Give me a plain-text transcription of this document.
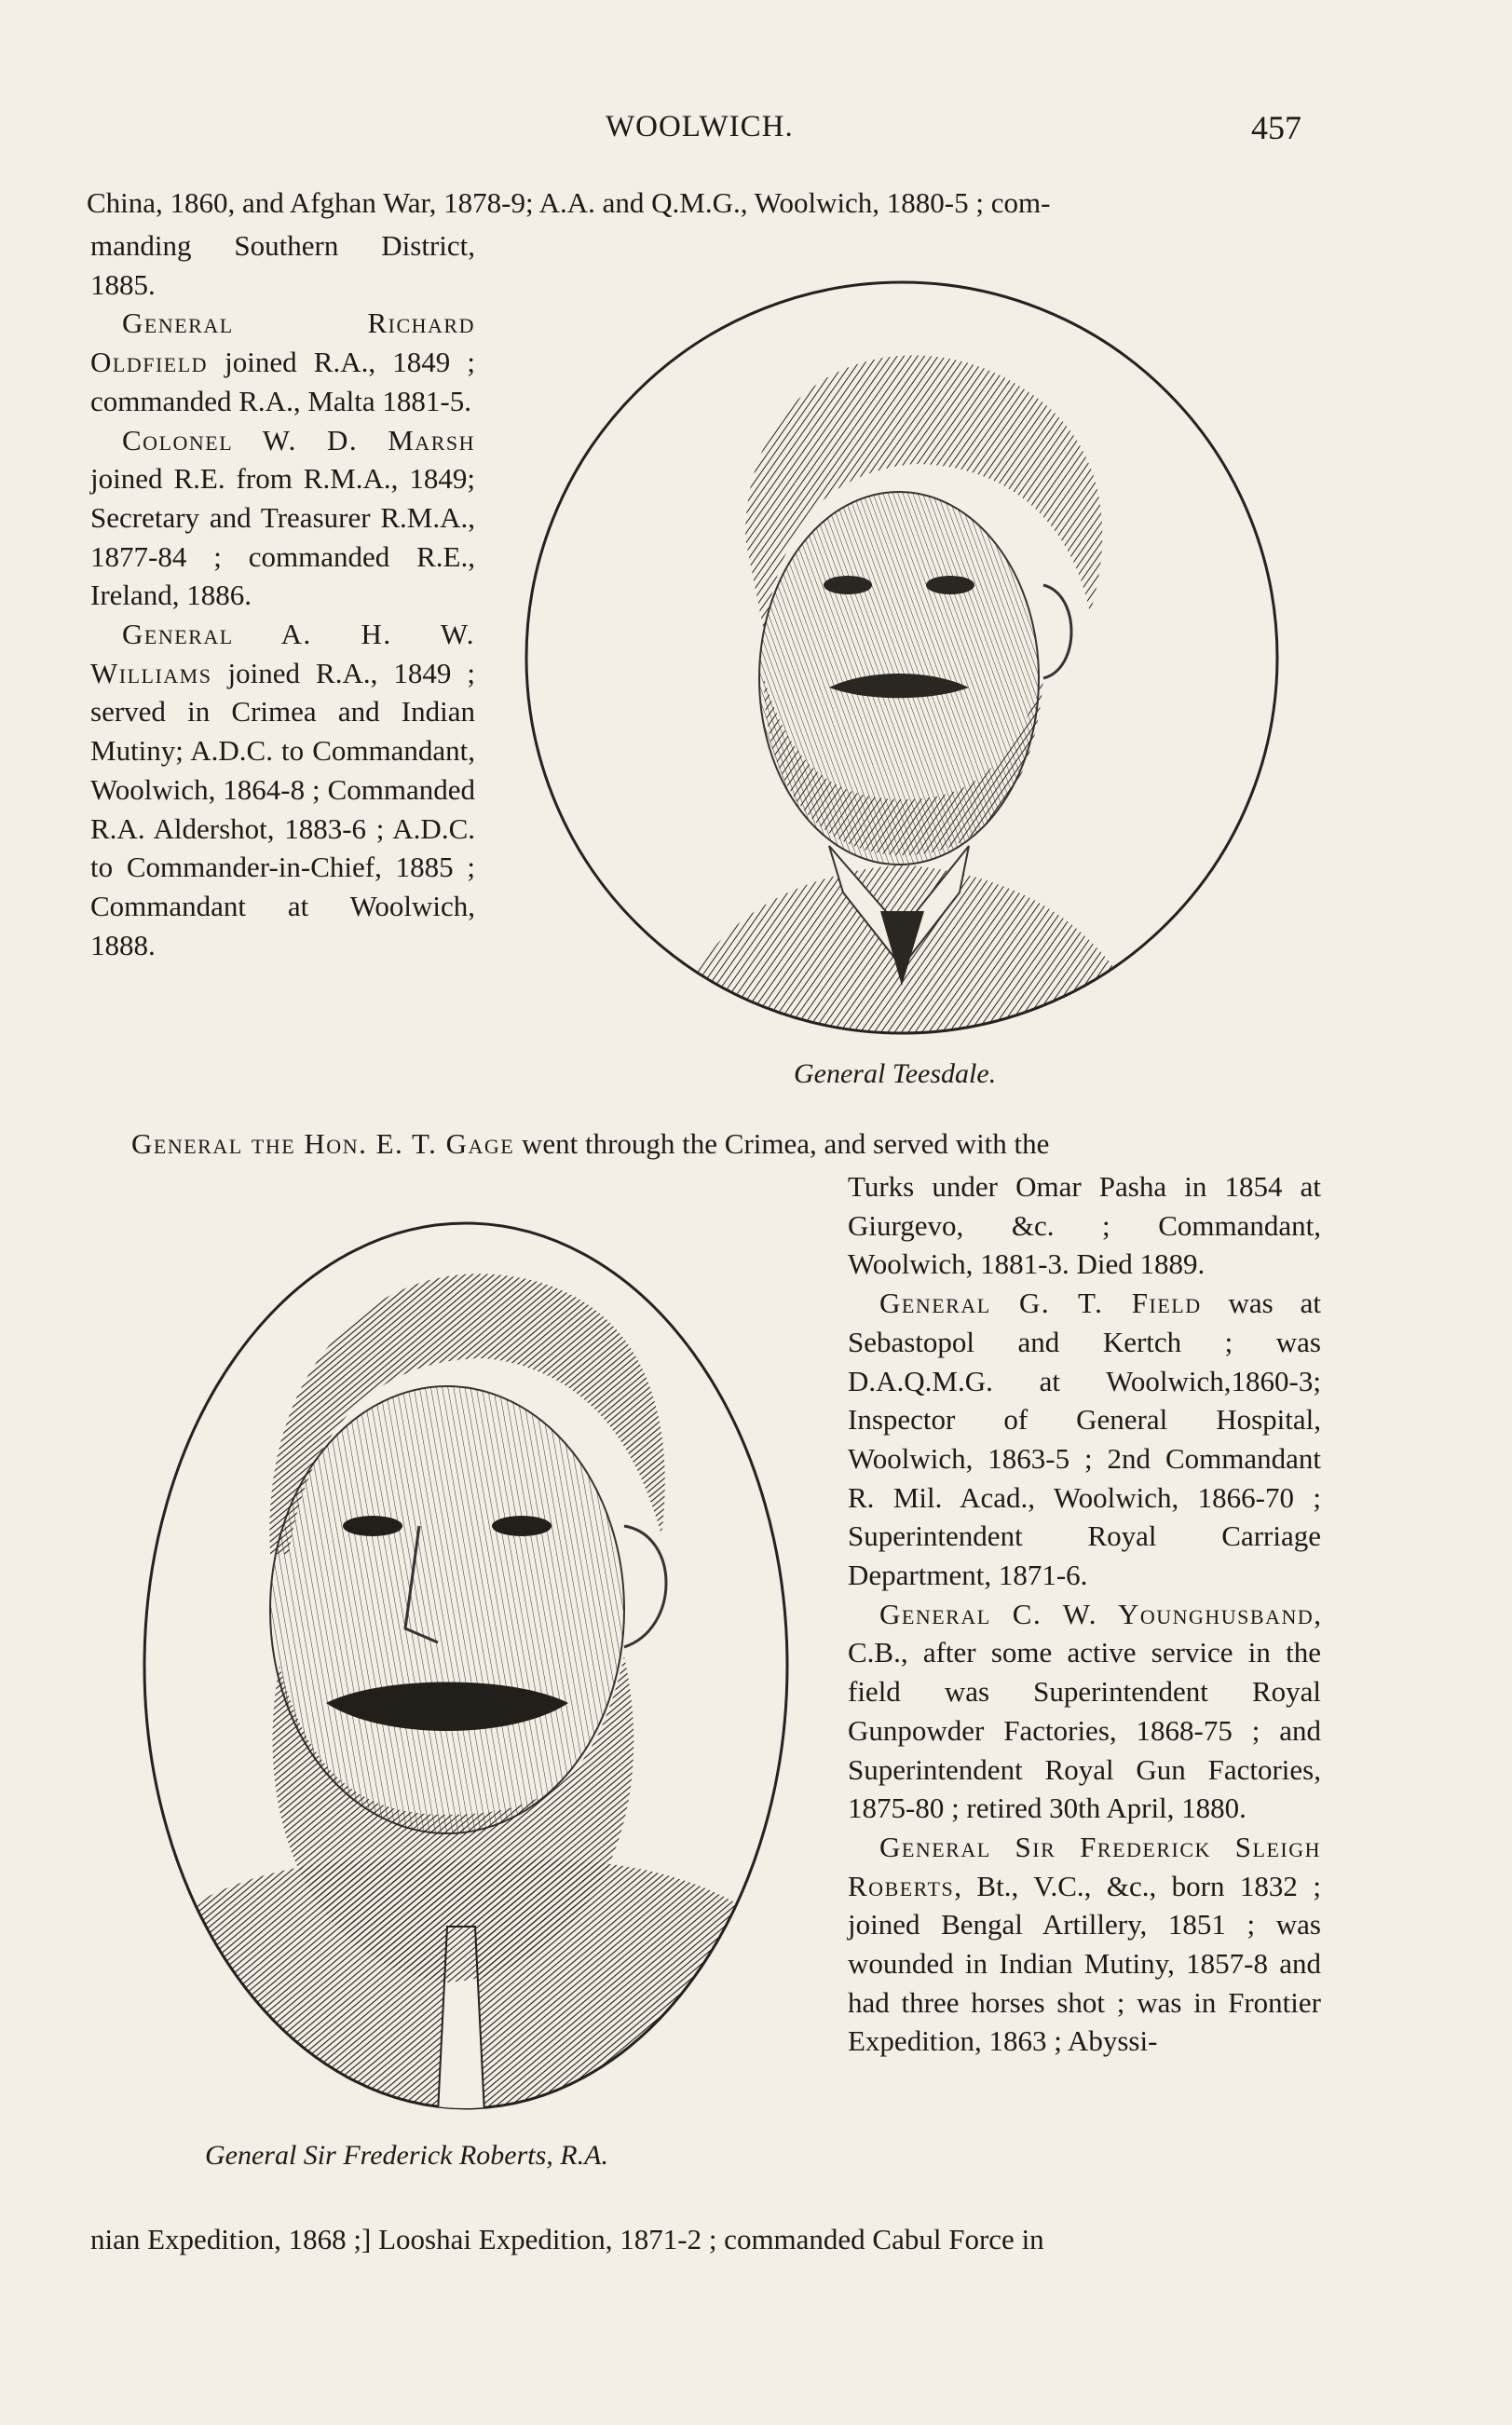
WOOLWICH.	457
China, 1860, and Afghan War, 1878-9; A.A. and Q.M.G., Woolwich, 1880-5 ; com-

manding Southern District, 1885.

General Richard Oldfield joined R.A., 1849 ; commanded R.A., Malta 1881-5.

Colonel W. D. Marsh joined R.E. from R.M.A., 1849; Secretary and Treasurer R.M.A., 1877-84 ; commanded R.E., Ireland, 1886.

General A. H. W. Williams joined R.A., 1849 ; served in Crimea and Indian Mutiny; A.D.C. to Commandant, Woolwich, 1864-8 ; Commanded R.A. Aldershot, 1883-6 ; A.D.C. to Commander-in-Chief, 1885 ; Commandant at Woolwich, 1888.

General Teesdale.
General the Hon. E. T. Gage went through the Crimea, and served with the

Turks under Omar Pasha in 1854 at Giurgevo, &c. ; Commandant, Woolwich, 1881-3. Died 1889.

General G. T. Field was at Sebastopol and Kertch ; was D.A.Q.M.G. at Woolwich,1860-3; Inspector of General Hospital, Woolwich, 1863-5 ; 2nd Commandant R. Mil. Acad., Woolwich, 1866-70 ; Superintendent Royal Carriage Department, 1871-6.

General C. W. Younghusband, C.B., after some active service in the field was Superintendent Royal Gunpowder Factories, 1868-75 ; and Superintendent Royal Gun Factories, 1875-80 ; retired 30th April, 1880.

General Sir Frederick Sleigh Roberts, Bt., V.C., &c., born 1832 ; joined Bengal Artillery, 1851 ; was wounded in Indian Mutiny, 1857-8 and had three horses shot ; was in Frontier Expedition, 1863 ; Abyssi-

General Sir Frederick Roberts, R.A.
nian Expedition, 1868 ;] Looshai Expedition, 1871-2 ; commanded Cabul Force in
